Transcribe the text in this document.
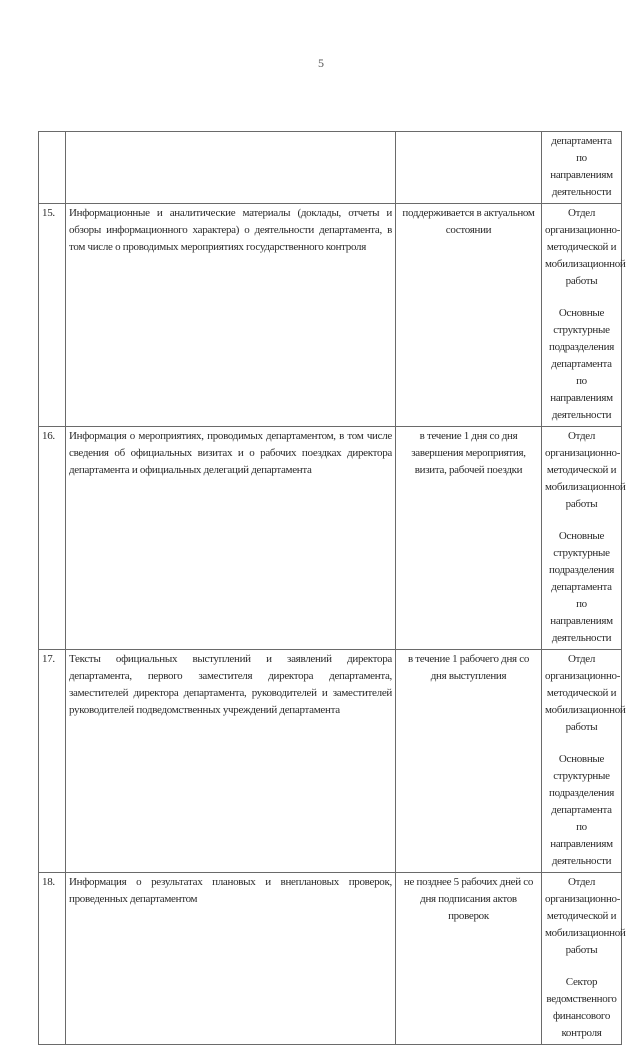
5

			департамента по направлениям деятельности

15.	Информационные и аналитические материалы (доклады, отчеты и обзоры информационного характера) о деятельности департамента, в том числе о проводимых мероприятиях государственного контроля	поддерживается в актуальном состоянии	Отдел организационно-методической и мобилизационной работы
Основные структурные подразделения департамента по направлениям деятельности

16.	Информация о мероприятиях, проводимых департаментом, в том числе сведения об официальных визитах и о рабочих поездках директора департамента и официальных делегаций департамента	в течение 1 дня со дня завершения мероприятия, визита, рабочей поездки	Отдел организационно-методической и мобилизационной работы
Основные структурные подразделения департамента по направлениям деятельности

17.	Тексты официальных выступлений и заявлений директора департамента, первого заместителя директора департамента, заместителей директора департамента, руководителей и заместителей руководителей подведомственных учреждений департамента	в течение 1 рабочего дня со дня выступления	Отдел организационно-методической и мобилизационной работы
Основные структурные подразделения департамента по направлениям деятельности

18.	Информация о результатах плановых и внеплановых проверок, проведенных департаментом	не позднее 5 рабочих дней со дня подписания актов проверок	Отдел организационно-методической и мобилизационной работы
Сектор ведомственного финансового контроля
